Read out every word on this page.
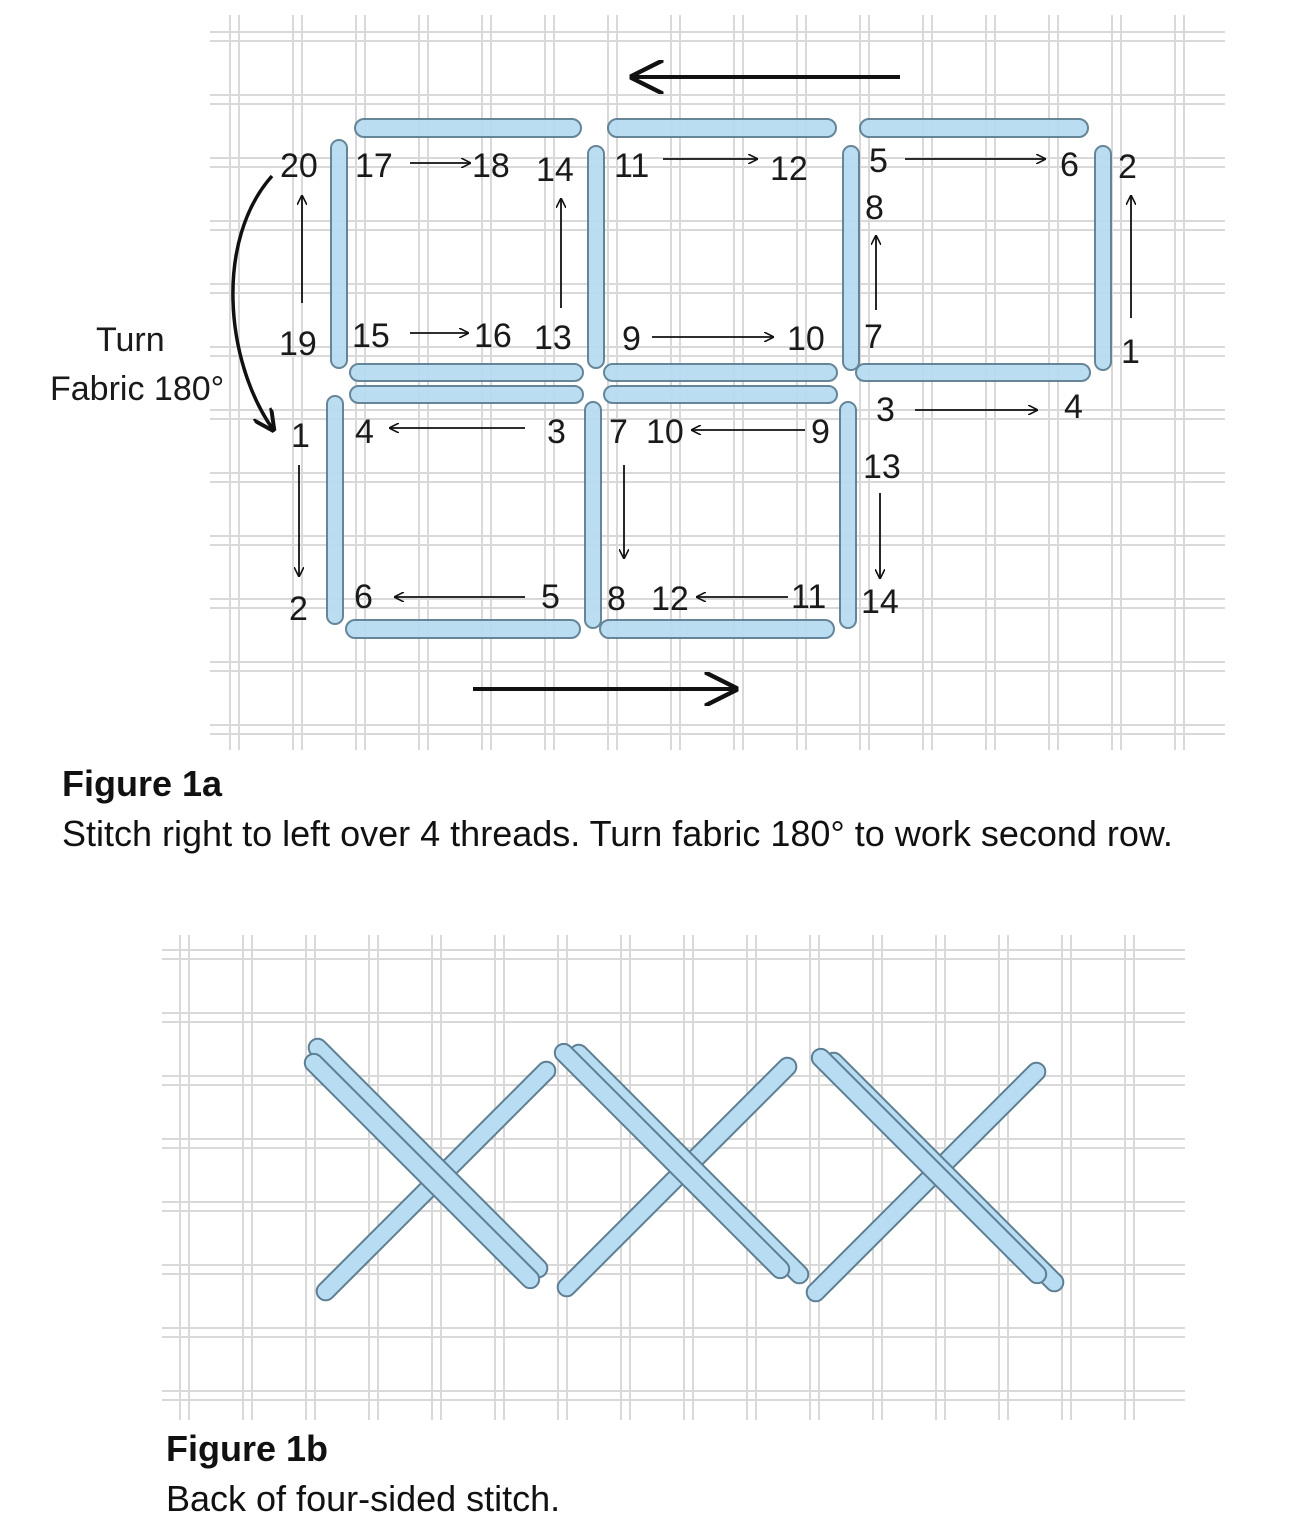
20 17 18 14 11	12 5	6 2
8
19 15 16 13 9	10 7	1
1 4	3 7 10	9
3	4
13
2 6	5 8 12	11 14
Turn
Fabric 180°

Figure 1a

Stitch right to left over 4 threads. Turn fabric 180° to work second row.

Figure 1b

Back of four-sided stitch.
